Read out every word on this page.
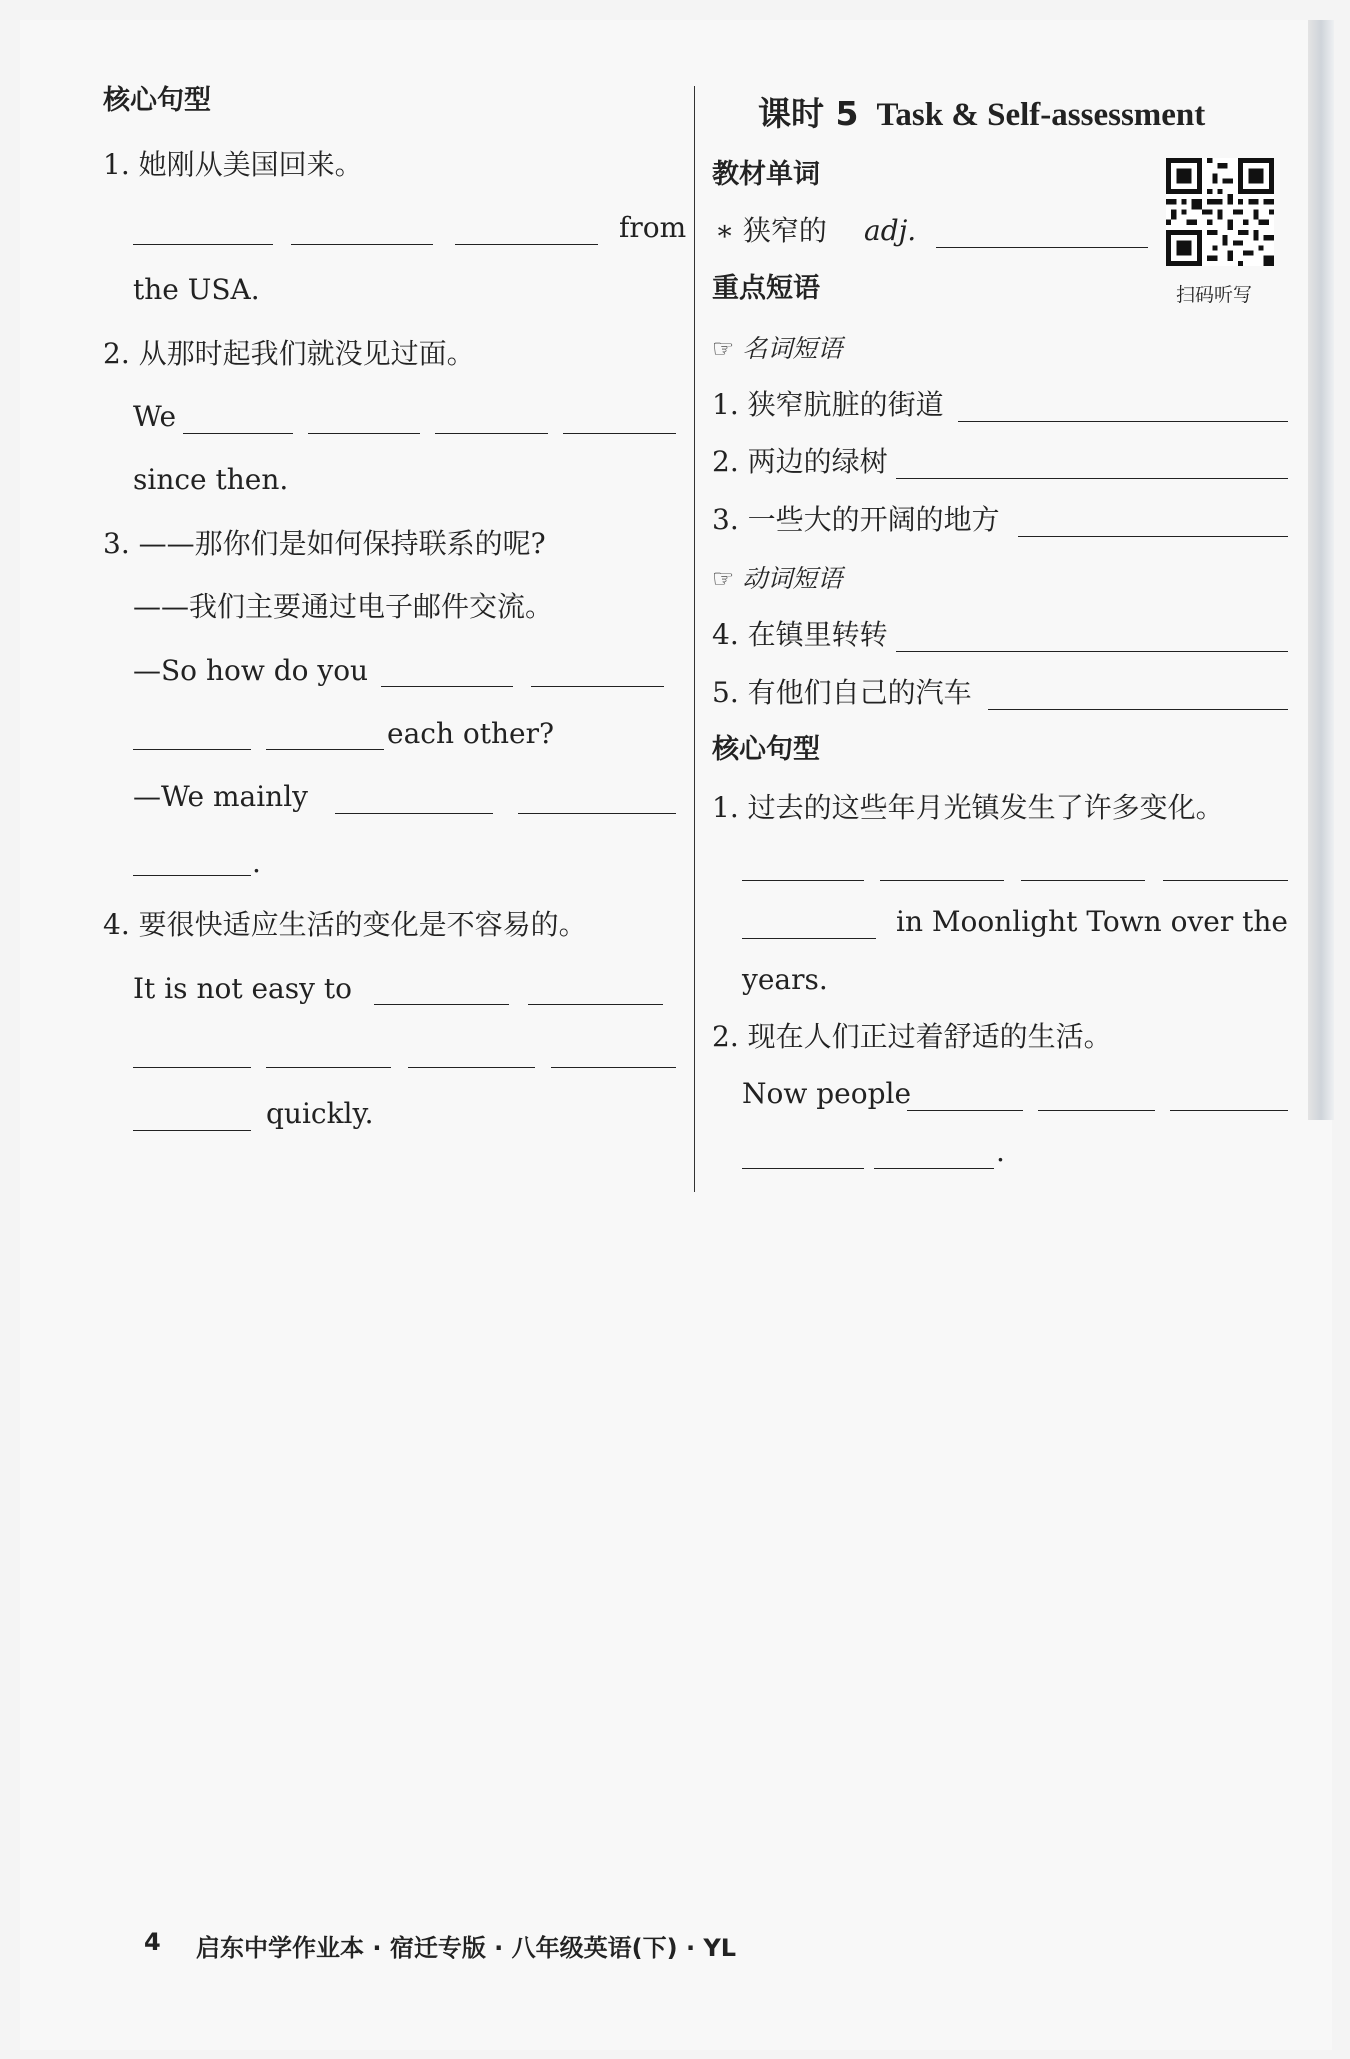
核心句型
1. 她刚从美国回来。
from
the USA.
2. 从那时起我们就没见过面。
We
since then.
3. ——那你们是如何保持联系的呢?
——我们主要通过电子邮件交流。
—So how do you
each other?
—We mainly
.
4. 要很快适应生活的变化是不容易的。
It is not easy to
quickly.
课时 5 Task & Self-assessment
教材单词
∗ 狭窄的 adj.
扫码听写
重点短语
☞ 名词短语
1. 狭窄肮脏的街道
2. 两边的绿树
3. 一些大的开阔的地方
☞ 动词短语
4. 在镇里转转
5. 有他们自己的汽车
核心句型
1. 过去的这些年月光镇发生了许多变化。
in Moonlight Town over the
years.
2. 现在人们正过着舒适的生活。
Now people
.
4 启东中学作业本 · 宿迁专版 · 八年级英语(下) · YL
